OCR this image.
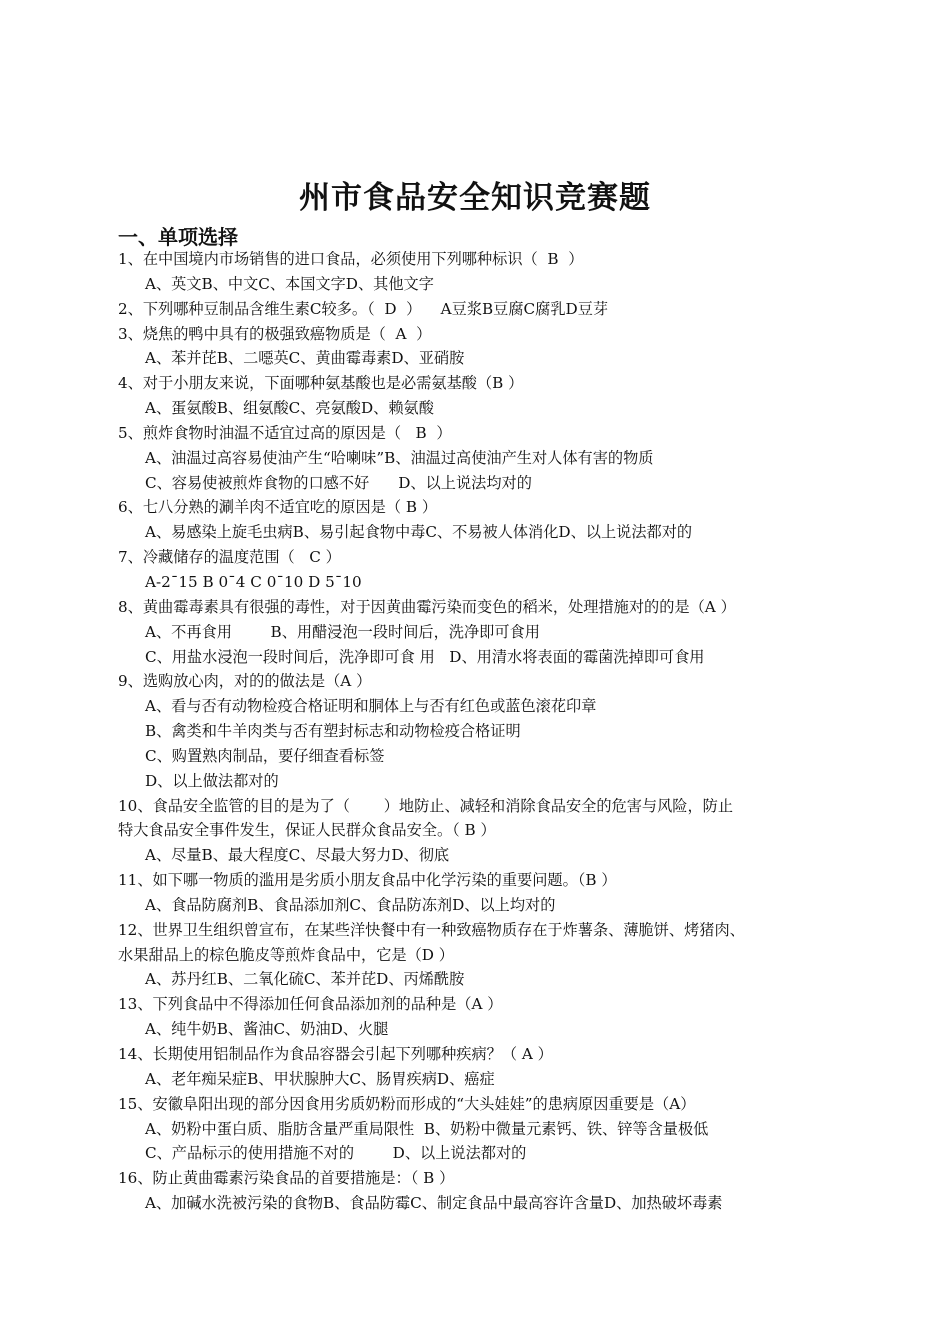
州市食品安全知识竞赛题
一、单项选择
1、在中国境内市场销售的进口食品，必须使用下列哪种标识（  B  ）
A、英文B、中文C、本国文字D、其他文字
2、下列哪种豆制品含维生素C较多。（  D  ）    A豆浆B豆腐C腐乳D豆芽
3、烧焦的鸭中具有的极强致癌物质是（  A  ）
A、苯并芘B、二噁英C、黄曲霉毒素D、亚硝胺
4、对于小朋友来说，下面哪种氨基酸也是必需氨基酸（B ）
A、蛋氨酸B、组氨酸C、亮氨酸D、赖氨酸
5、煎炸食物时油温不适宜过高的原因是（   B  ）
A、油温过高容易使油产生“哈喇味”B、油温过高使油产生对人体有害的物质
C、容易使被煎炸食物的口感不好      D、以上说法均对的
6、七八分熟的涮羊肉不适宜吃的原因是（ B ）
A、易感染上旋毛虫病B、易引起食物中毒C、不易被人体消化D、以上说法都对的
7、冷藏储存的温度范围（   C ）
A-2¯15 B 0¯4 C 0¯10 D 5¯10
8、黄曲霉毒素具有很强的毒性，对于因黄曲霉污染而变色的稻米，处理措施对的的是（A ）
A、不再食用        B、用醋浸泡一段时间后，洗净即可食用
C、用盐水浸泡一段时间后，洗净即可食 用   D、用清水将表面的霉菌洗掉即可食用
9、选购放心肉，对的的做法是（A ）
A、看与否有动物检疫合格证明和胴体上与否有红色或蓝色滚花印章
B、禽类和牛羊肉类与否有塑封标志和动物检疫合格证明
C、购置熟肉制品，要仔细查看标签
D、以上做法都对的
10、食品安全监管的目的是为了（       ）地防止、减轻和消除食品安全的危害与风险，防止
特大食品安全事件发生，保证人民群众食品安全。（ B ）
A、尽量B、最大程度C、尽最大努力D、彻底
11、如下哪一物质的滥用是劣质小朋友食品中化学污染的重要问题。（B ）
A、食品防腐剂B、食品添加剂C、食品防冻剂D、以上均对的
12、世界卫生组织曾宣布，在某些洋快餐中有一种致癌物质存在于炸薯条、薄脆饼、烤猪肉、
水果甜品上的棕色脆皮等煎炸食品中，它是（D ）
A、苏丹红B、二氧化硫C、苯并芘D、丙烯酰胺
13、下列食品中不得添加任何食品添加剂的品种是（A ）
A、纯牛奶B、酱油C、奶油D、火腿
14、长期使用铝制品作为食品容器会引起下列哪种疾病？（ A ）
A、老年痴呆症B、甲状腺肿大C、肠胃疾病D、癌症
15、安徽阜阳出现的部分因食用劣质奶粉而形成的“大头娃娃”的患病原因重要是（A）
A、奶粉中蛋白质、脂肪含量严重局限性  B、奶粉中微量元素钙、铁、锌等含量极低
C、产品标示的使用措施不对的        D、以上说法都对的
16、防止黄曲霉素污染食品的首要措施是：（ B ）
A、加碱水洗被污染的食物B、食品防霉C、制定食品中最高容许含量D、加热破坏毒素
